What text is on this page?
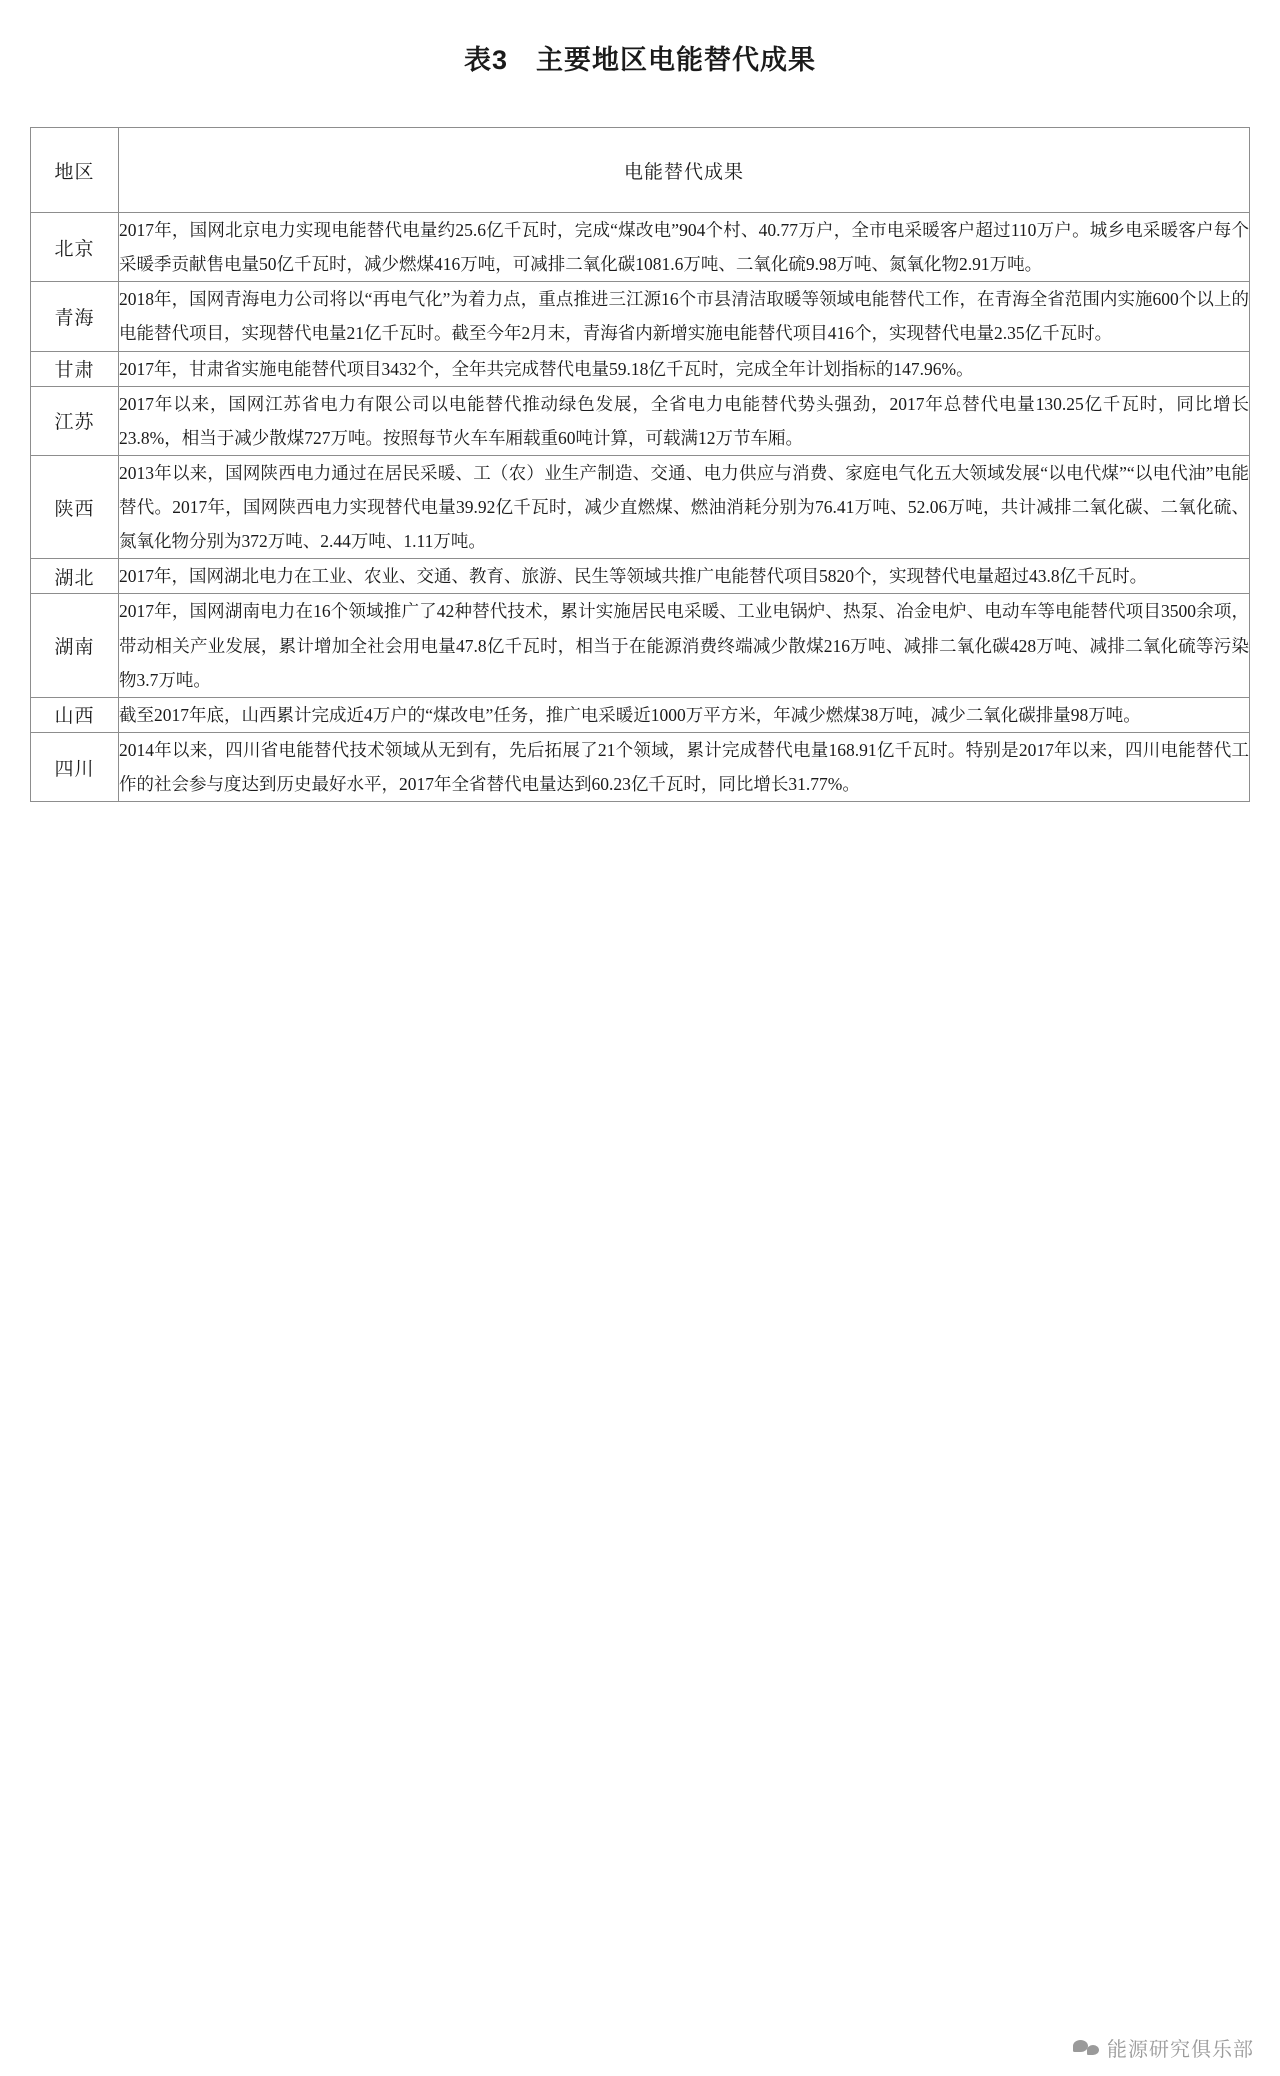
表3　主要地区电能替代成果
地区	电能替代成果
北京	2017年，国网北京电力实现电能替代电量约25.6亿千瓦时，完成“煤改电”904个村、40.77万户，全市电采暖客户超过110万户。城乡电采暖客户每个采暖季贡献售电量50亿千瓦时，减少燃煤416万吨，可减排二氧化碳1081.6万吨、二氧化硫9.98万吨、氮氧化物2.91万吨。
青海	2018年，国网青海电力公司将以“再电气化”为着力点，重点推进三江源16个市县清洁取暖等领域电能替代工作，在青海全省范围内实施600个以上的电能替代项目，实现替代电量21亿千瓦时。截至今年2月末，青海省内新增实施电能替代项目416个，实现替代电量2.35亿千瓦时。
甘肃	2017年，甘肃省实施电能替代项目3432个，全年共完成替代电量59.18亿千瓦时，完成全年计划指标的147.96%。
江苏	2017年以来，国网江苏省电力有限公司以电能替代推动绿色发展，全省电力电能替代势头强劲，2017年总替代电量130.25亿千瓦时，同比增长23.8%，相当于减少散煤727万吨。按照每节火车车厢载重60吨计算，可载满12万节车厢。
陕西	2013年以来，国网陕西电力通过在居民采暖、工（农）业生产制造、交通、电力供应与消费、家庭电气化五大领域发展“以电代煤”“以电代油”电能替代。2017年，国网陕西电力实现替代电量39.92亿千瓦时，减少直燃煤、燃油消耗分别为76.41万吨、52.06万吨，共计减排二氧化碳、二氧化硫、氮氧化物分别为372万吨、2.44万吨、1.11万吨。
湖北	2017年，国网湖北电力在工业、农业、交通、教育、旅游、民生等领域共推广电能替代项目5820个，实现替代电量超过43.8亿千瓦时。
湖南	2017年，国网湖南电力在16个领域推广了42种替代技术，累计实施居民电采暖、工业电锅炉、热泵、冶金电炉、电动车等电能替代项目3500余项，带动相关产业发展，累计增加全社会用电量47.8亿千瓦时，相当于在能源消费终端减少散煤216万吨、减排二氧化碳428万吨、减排二氧化硫等污染物3.7万吨。
山西	截至2017年底，山西累计完成近4万户的“煤改电”任务，推广电采暖近1000万平方米，年减少燃煤38万吨，减少二氧化碳排量98万吨。
四川	2014年以来，四川省电能替代技术领域从无到有，先后拓展了21个领域，累计完成替代电量168.91亿千瓦时。特别是2017年以来，四川电能替代工作的社会参与度达到历史最好水平，2017年全省替代电量达到60.23亿千瓦时，同比增长31.77%。
能源研究俱乐部
